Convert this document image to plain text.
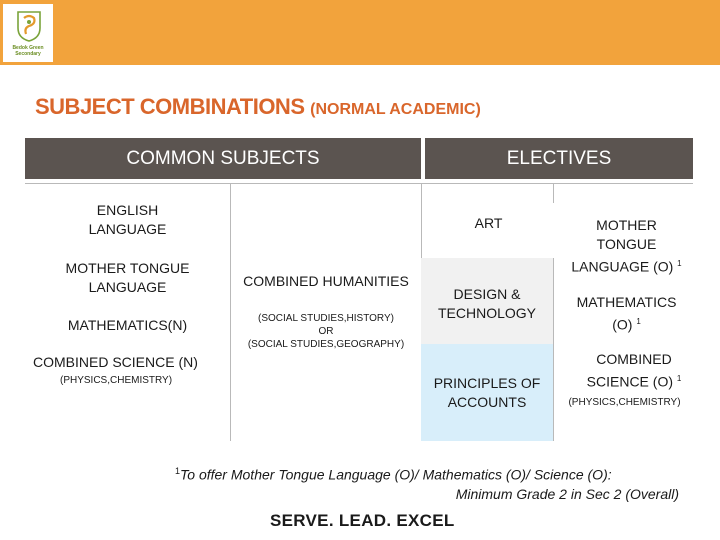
Bedok Green Secondary
SUBJECT COMBINATIONS (NORMAL ACADEMIC)
COMMON SUBJECTS	ELECTIVES
ENGLISH
LANGUAGE
MOTHER TONGUE
LANGUAGE
MATHEMATICS(N)
COMBINED SCIENCE (N)
(PHYSICS,CHEMISTRY)
COMBINED HUMANITIES
(SOCIAL STUDIES,HISTORY)
OR
(SOCIAL STUDIES,GEOGRAPHY)
ART
DESIGN &
TECHNOLOGY
PRINCIPLES OF
ACCOUNTS
MOTHER
TONGUE
LANGUAGE (O) $^1$
MATHEMATICS
(O) $^1$
COMBINED
SCIENCE (O) $^1$
(PHYSICS,CHEMISTRY)
$^1$To offer Mother Tongue Language (O)/ Mathematics (O)/ Science (O):
Minimum Grade 2 in Sec 2 (Overall)
SERVE. LEAD. EXCEL
